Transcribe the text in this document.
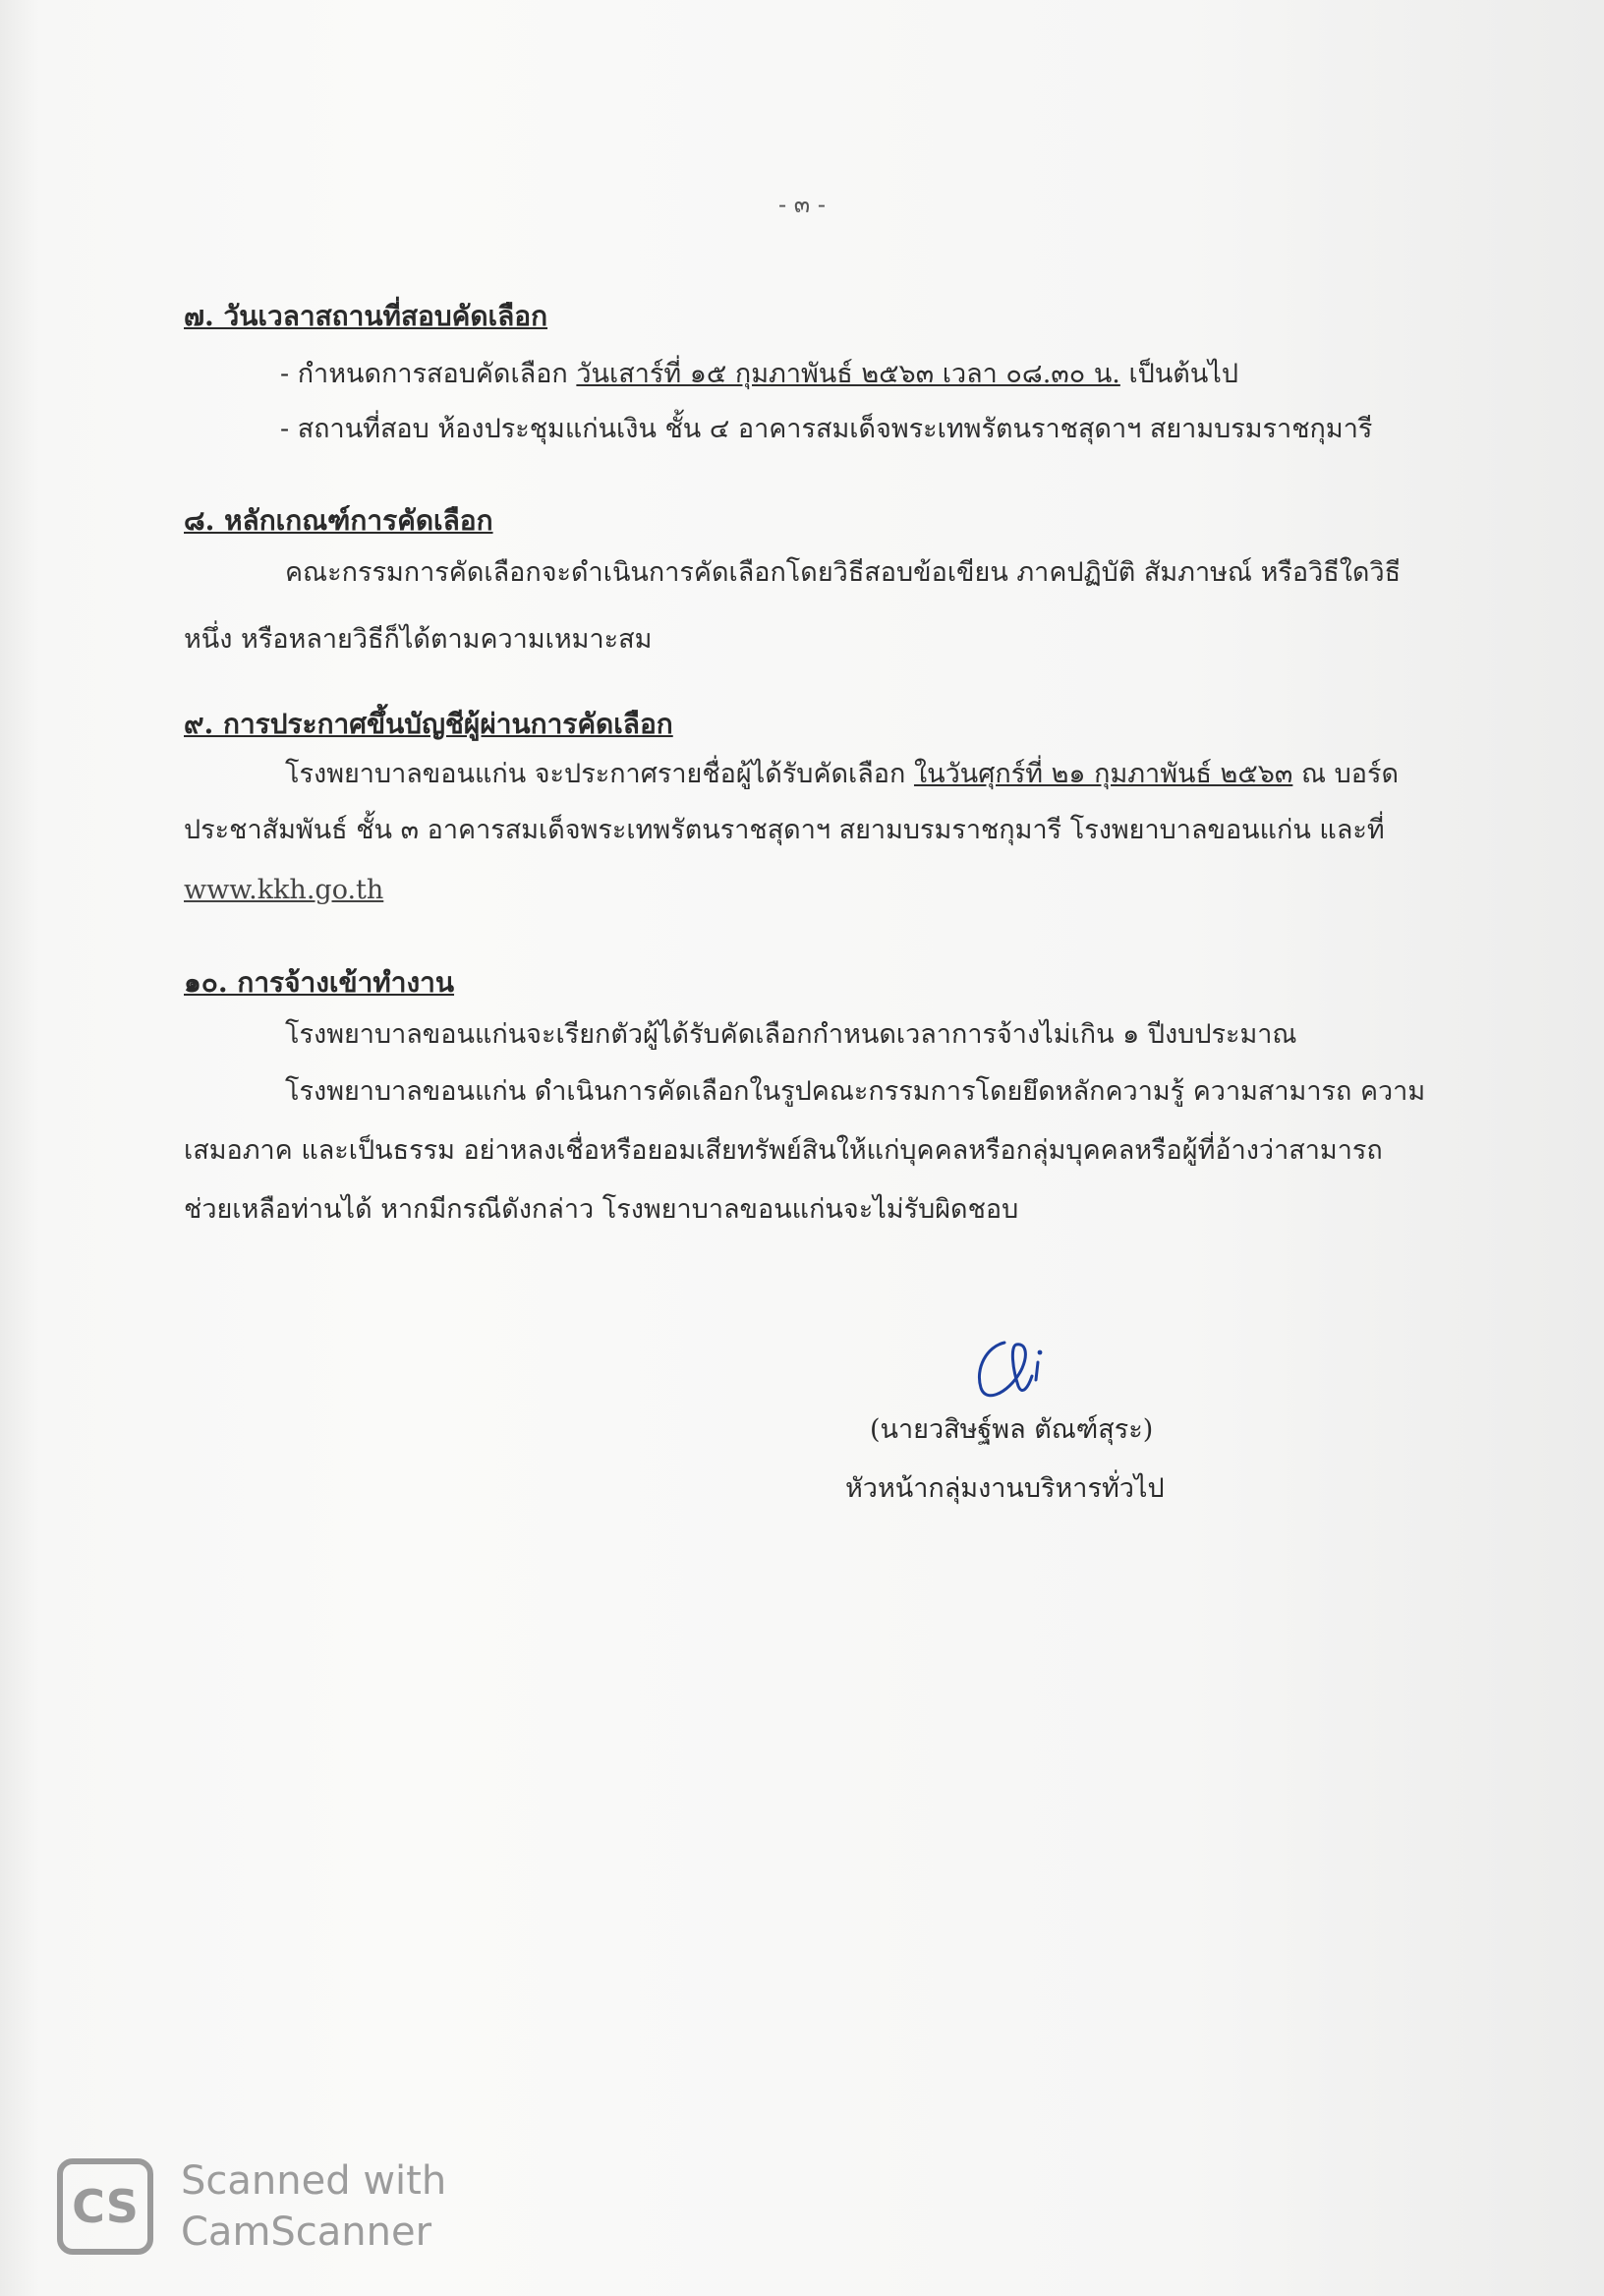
- ๓ -
๗. วันเวลาสถานที่สอบคัดเลือก
- กำหนดการสอบคัดเลือก วันเสาร์ที่ ๑๕ กุมภาพันธ์ ๒๕๖๓ เวลา ๐๘.๓๐ น. เป็นต้นไป
- สถานที่สอบ ห้องประชุมแก่นเงิน ชั้น ๔ อาคารสมเด็จพระเทพรัตนราชสุดาฯ สยามบรมราชกุมารี
๘. หลักเกณฑ์การคัดเลือก
คณะกรรมการคัดเลือกจะดำเนินการคัดเลือกโดยวิธีสอบข้อเขียน ภาคปฏิบัติ สัมภาษณ์ หรือวิธีใดวิธี
หนึ่ง หรือหลายวิธีก็ได้ตามความเหมาะสม
๙. การประกาศขึ้นบัญชีผู้ผ่านการคัดเลือก
โรงพยาบาลขอนแก่น จะประกาศรายชื่อผู้ได้รับคัดเลือก ในวันศุกร์ที่ ๒๑ กุมภาพันธ์ ๒๕๖๓ ณ บอร์ด
ประชาสัมพันธ์ ชั้น ๓ อาคารสมเด็จพระเทพรัตนราชสุดาฯ สยามบรมราชกุมารี โรงพยาบาลขอนแก่น และที่
www.kkh.go.th
๑๐. การจ้างเข้าทำงาน
โรงพยาบาลขอนแก่นจะเรียกตัวผู้ได้รับคัดเลือกกำหนดเวลาการจ้างไม่เกิน ๑ ปีงบประมาณ
โรงพยาบาลขอนแก่น ดำเนินการคัดเลือกในรูปคณะกรรมการโดยยึดหลักความรู้ ความสามารถ ความ
เสมอภาค และเป็นธรรม อย่าหลงเชื่อหรือยอมเสียทรัพย์สินให้แก่บุคคลหรือกลุ่มบุคคลหรือผู้ที่อ้างว่าสามารถ
ช่วยเหลือท่านได้ หากมีกรณีดังกล่าว โรงพยาบาลขอนแก่นจะไม่รับผิดชอบ
(นายวสิษฐ์พล ตัณฑ์สุระ)
หัวหน้ากลุ่มงานบริหารทั่วไป
CS	Scanned with
CamScanner
